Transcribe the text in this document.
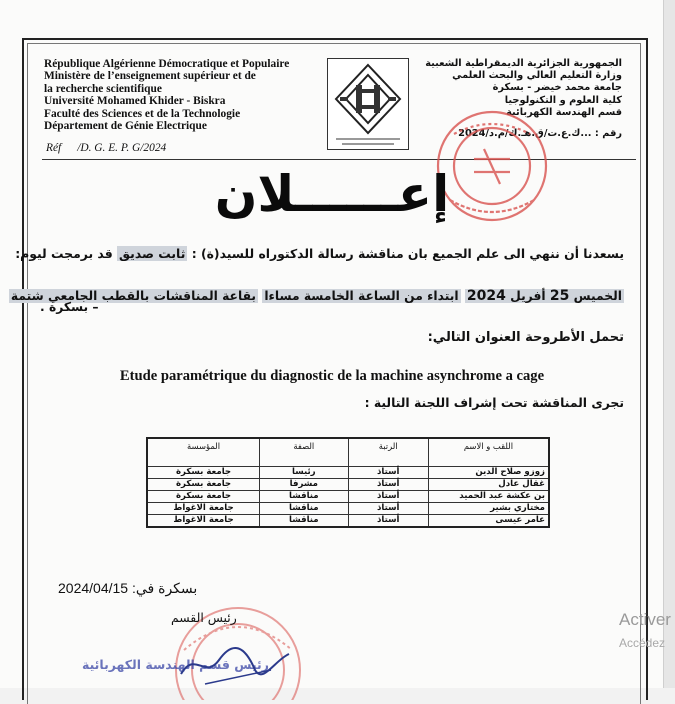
République Algérienne Démocratique et Populaire
Ministère de l’enseignement supérieur et de
la recherche scientifique
Université Mohamed Khider - Biskra
Faculté des Sciences et de la Technologie
Département de Génie Electrique
Réf /D. G. E. P. G/2024
الجمهورية الجزائرية الديمقراطية الشعبية
وزارة التعليم العالي والبحث العلمي
جامعة محمد خيضر - بسكرة
كلية العلوم و التكنولوجيا
قسم الهندسة الكهربائية
رقم : ...ك.ع.ت/ق.هـ.ك/م.د/2024
إعــــــلان
يسعدنا أن ننهي الى علم الجميع بان مناقشة رسالة الدكتوراه للسيد(ة) : ثابت صديق قد برمجت ليوم:
الخميس 25 أفريل 2024 ابتداء من الساعة الخامسة مساءا بقاعة المناقشات بالقطب الجامعي شتمة
– بسكرة .
تحمل الأطروحة العنوان التالي:
Etude paramétrique du diagnostic de la machine asynchrome a cage
تجرى المناقشة تحت إشراف اللجنة التالية :
اللقب و الاسم	الرتبة	الصفة	المؤسسة
زوزو صلاح الدين	أستاذ	رئيسا	جامعة بسكرة
غقال عادل	أستاذ	مشرفا	جامعة بسكرة
بن عكشة عبد الحميد	أستاذ	مناقشا	جامعة بسكرة
مختاري بشير	أستاذ	مناقشا	جامعة الاغواط
عامر عيسى	أستاذ	مناقشا	جامعة الاغواط
بسكرة في: 2024/04/15
رئيس القسم
رئيس قسم الهندسة الكهربائية
Activer
Accédez
